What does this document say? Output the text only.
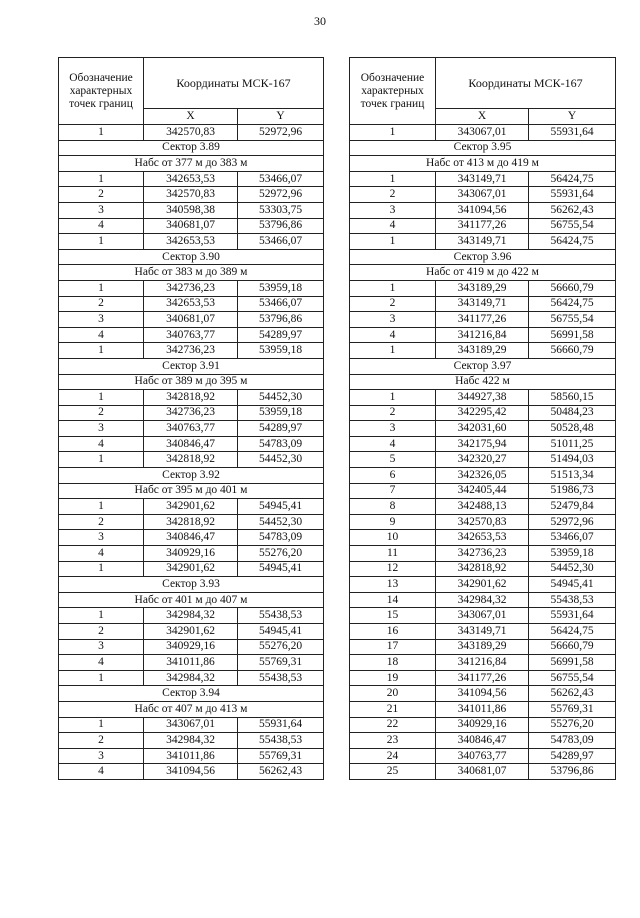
30
Обозначение характерных точек границ	Координаты МСК-167	
	X	Y
1	342570,83	52972,96
Сектор 3.89		
Набс от 377 м до 383 м		
1	342653,53	53466,07
2	342570,83	52972,96
3	340598,38	53303,75
4	340681,07	53796,86
1	342653,53	53466,07
Сектор 3.90		
Набс от 383 м до 389 м		
1	342736,23	53959,18
2	342653,53	53466,07
3	340681,07	53796,86
4	340763,77	54289,97
1	342736,23	53959,18
Сектор 3.91		
Набс от 389 м до 395 м		
1	342818,92	54452,30
2	342736,23	53959,18
3	340763,77	54289,97
4	340846,47	54783,09
1	342818,92	54452,30
Сектор 3.92		
Набс от 395 м до 401 м		
1	342901,62	54945,41
2	342818,92	54452,30
3	340846,47	54783,09
4	340929,16	55276,20
1	342901,62	54945,41
Сектор 3.93		
Набс от 401 м до 407 м		
1	342984,32	55438,53
2	342901,62	54945,41
3	340929,16	55276,20
4	341011,86	55769,31
1	342984,32	55438,53
Сектор 3.94		
Набс от 407 м до 413 м		
1	343067,01	55931,64
2	342984,32	55438,53
3	341011,86	55769,31
4	341094,56	56262,43
Обозначение характерных точек границ	Координаты МСК-167	
	X	Y
1	343067,01	55931,64
Сектор 3.95		
Набс от 413 м до 419 м		
1	343149,71	56424,75
2	343067,01	55931,64
3	341094,56	56262,43
4	341177,26	56755,54
1	343149,71	56424,75
Сектор 3.96		
Набс от 419 м до 422 м		
1	343189,29	56660,79
2	343149,71	56424,75
3	341177,26	56755,54
4	341216,84	56991,58
1	343189,29	56660,79
Сектор 3.97		
Набс 422 м		
1	344927,38	58560,15
2	342295,42	50484,23
3	342031,60	50528,48
4	342175,94	51011,25
5	342320,27	51494,03
6	342326,05	51513,34
7	342405,44	51986,73
8	342488,13	52479,84
9	342570,83	52972,96
10	342653,53	53466,07
11	342736,23	53959,18
12	342818,92	54452,30
13	342901,62	54945,41
14	342984,32	55438,53
15	343067,01	55931,64
16	343149,71	56424,75
17	343189,29	56660,79
18	341216,84	56991,58
19	341177,26	56755,54
20	341094,56	56262,43
21	341011,86	55769,31
22	340929,16	55276,20
23	340846,47	54783,09
24	340763,77	54289,97
25	340681,07	53796,86
